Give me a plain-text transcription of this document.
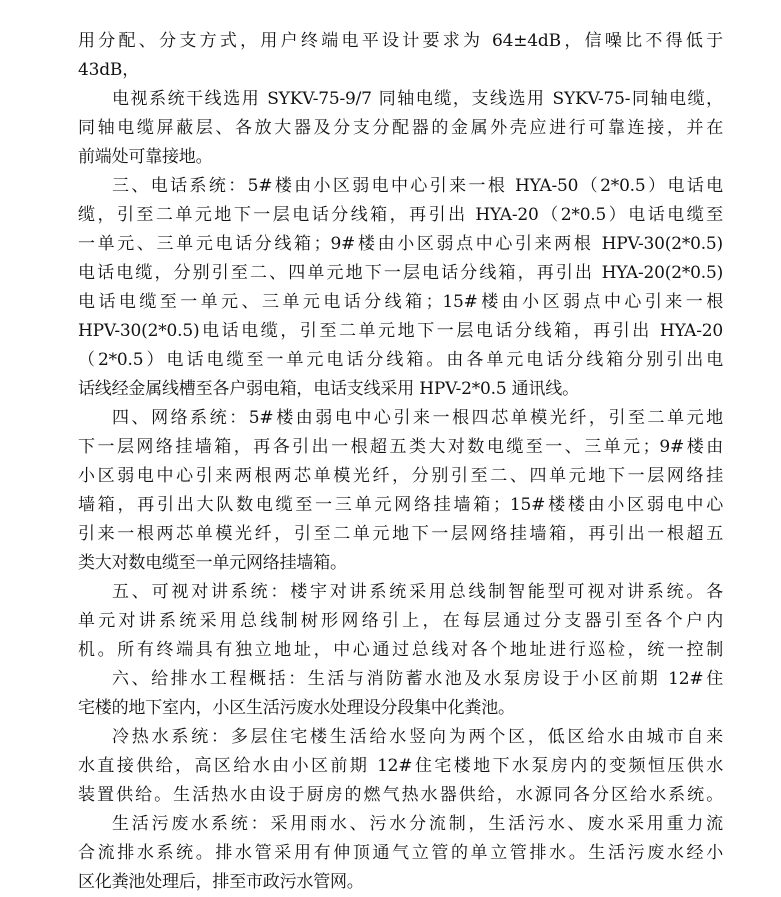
用分配、分支方式，用户终端电平设计要求为 64±4dB，信噪比不得低于
43dB，
电视系统干线选用 SYKV-75-9/7 同轴电缆，支线选用 SYKV-75-同轴电缆，
同轴电缆屏蔽层、各放大器及分支分配器的金属外壳应进行可靠连接，并在
前端处可靠接地。
三、电话系统：5#楼由小区弱电中心引来一根 HYA-50（2*0.5）电话电
缆，引至二单元地下一层电话分线箱，再引出 HYA-20（2*0.5）电话电缆至
一单元、三单元电话分线箱；9#楼由小区弱点中心引来两根 HPV-30(2*0.5)
电话电缆，分别引至二、四单元地下一层电话分线箱，再引出 HYA-20(2*0.5)
电话电缆至一单元、三单元电话分线箱；15#楼由小区弱点中心引来一根
HPV-30(2*0.5)电话电缆，引至二单元地下一层电话分线箱，再引出 HYA-20
（2*0.5）电话电缆至一单元电话分线箱。由各单元电话分线箱分别引出电
话线经金属线槽至各户弱电箱，电话支线采用 HPV-2*0.5 通讯线。
四、网络系统：5#楼由弱电中心引来一根四芯单模光纤，引至二单元地
下一层网络挂墙箱，再各引出一根超五类大对数电缆至一、三单元；9#楼由
小区弱电中心引来两根两芯单模光纤，分别引至二、四单元地下一层网络挂
墙箱，再引出大队数电缆至一三单元网络挂墙箱；15#楼楼由小区弱电中心
引来一根两芯单模光纤，引至二单元地下一层网络挂墙箱，再引出一根超五
类大对数电缆至一单元网络挂墙箱。
五、可视对讲系统：楼宇对讲系统采用总线制智能型可视对讲系统。各
单元对讲系统采用总线制树形网络引上，在每层通过分支器引至各个户内
机。所有终端具有独立地址，中心通过总线对各个地址进行巡检，统一控制
六、给排水工程概括：生活与消防蓄水池及水泵房设于小区前期 12#住
宅楼的地下室内，小区生活污废水处理设分段集中化粪池。
冷热水系统：多层住宅楼生活给水竖向为两个区，低区给水由城市自来
水直接供给，高区给水由小区前期 12#住宅楼地下水泵房内的变频恒压供水
装置供给。生活热水由设于厨房的燃气热水器供给，水源同各分区给水系统。
生活污废水系统：采用雨水、污水分流制，生活污水、废水采用重力流
合流排水系统。排水管采用有伸顶通气立管的单立管排水。生活污废水经小
区化粪池处理后，排至市政污水管网。
